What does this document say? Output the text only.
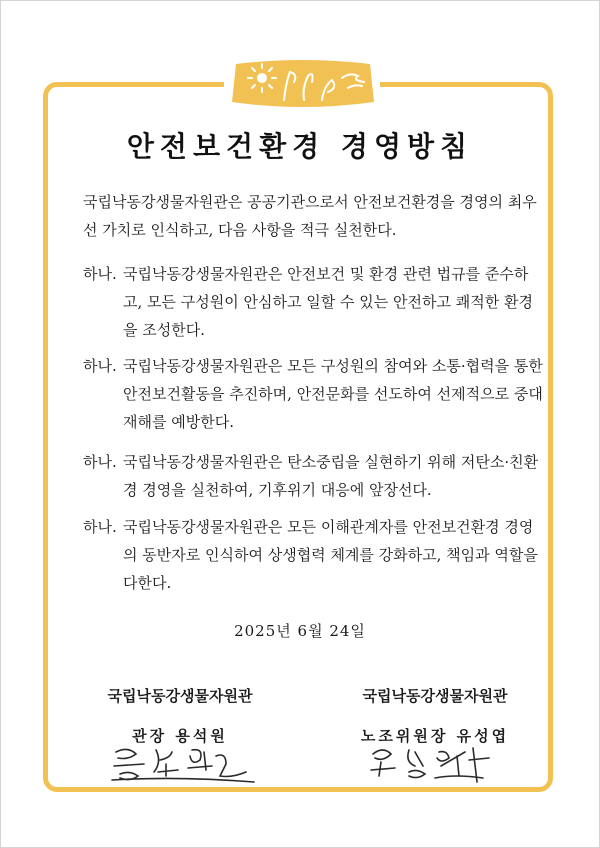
안전보건환경 경영방침

국립낙동강생물자원관은 공공기관으로서 안전보건환경을 경영의 최우선 가치로 인식하고, 다음 사항을 적극 실천한다.

하나. 국립낙동강생물자원관은 안전보건 및 환경 관련 법규를 준수하고, 모든 구성원이 안심하고 일할 수 있는 안전하고 쾌적한 환경을 조성한다.
하나. 국립낙동강생물자원관은 모든 구성원의 참여와 소통·협력을 통한 안전보건활동을 추진하며, 안전문화를 선도하여 선제적으로 중대재해를 예방한다.
하나. 국립낙동강생물자원관은 탄소중립을 실현하기 위해 저탄소·친환경 경영을 실천하여, 기후위기 대응에 앞장선다.
하나. 국립낙동강생물자원관은 모든 이해관계자를 안전보건환경 경영의 동반자로 인식하여 상생협력 체계를 강화하고, 책임과 역할을 다한다.
2025년 6월 24일
국립낙동강생물자원관
관장 용석원
국립낙동강생물자원관
노조위원장 유성엽
